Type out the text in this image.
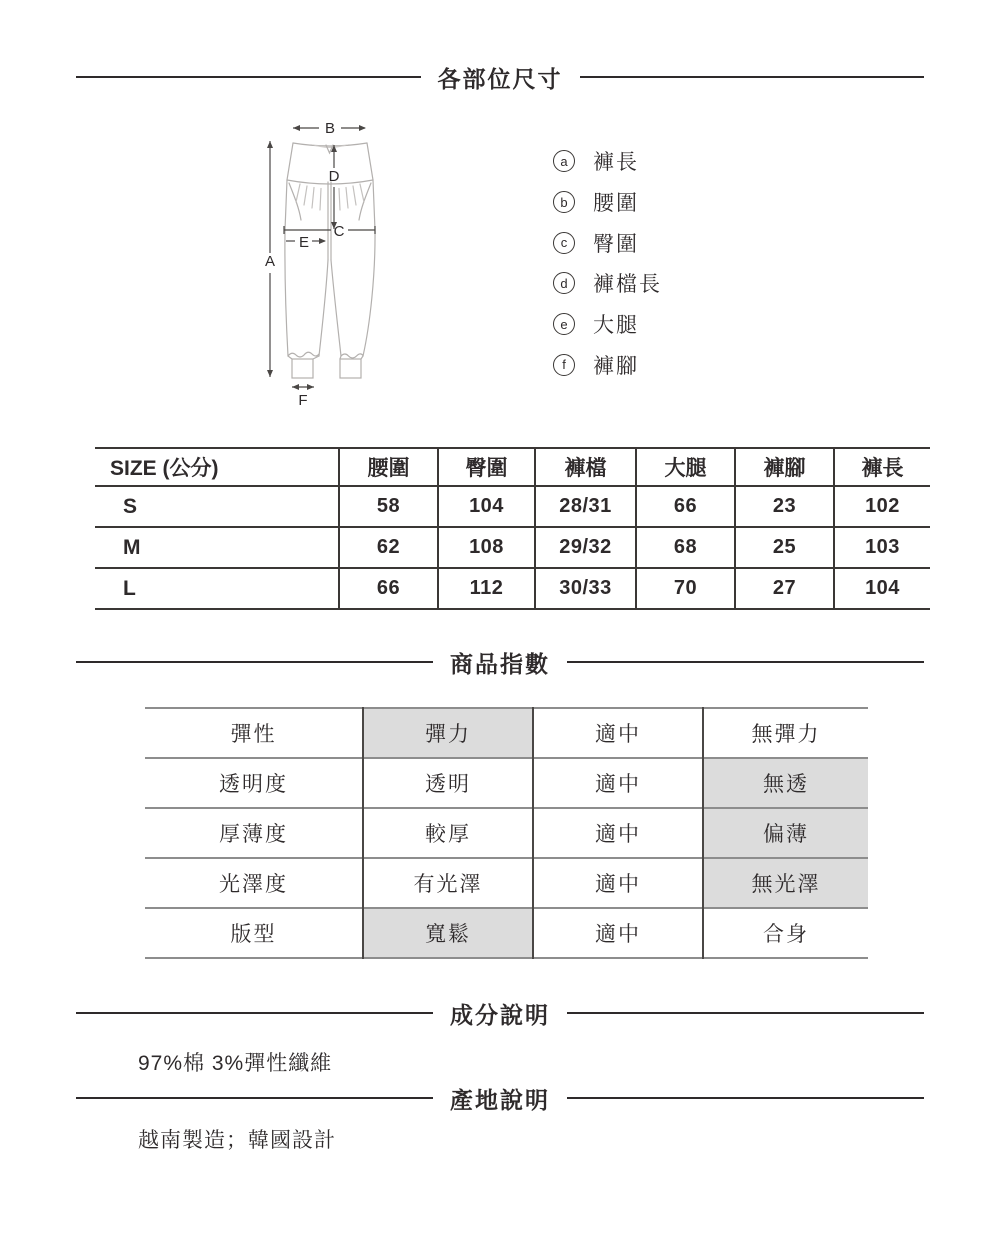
各部位尺寸
A
B
C
D
E
F
a	褲長
b	腰圍
c	臀圍
d	褲檔長
e	大腿
f	褲腳
SIZE (公分)	腰圍	臀圍	褲檔	大腿	褲腳	褲長
S	58	104	28/31	66	23	102
M	62	108	29/32	68	25	103
L	66	112	30/33	70	27	104
商品指數
彈性	彈力	適中	無彈力
透明度	透明	適中	無透
厚薄度	較厚	適中	偏薄
光澤度	有光澤	適中	無光澤
版型	寬鬆	適中	合身
成分說明

97%棉 3%彈性纖維

產地說明

越南製造；韓國設計
